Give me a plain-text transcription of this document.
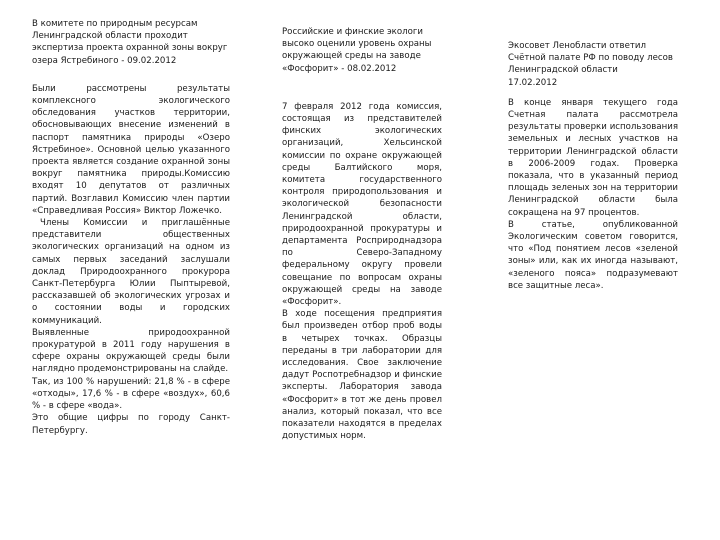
В комитете по природным ресурсам Ленинградской области проходит экспертиза проекта охранной зоны вокруг озера Ястребиного - 09.02.2012

Были рассмотрены результаты комплексного экологического обследования участков территории, обосновывающих внесение изменений в паспорт памятника природы «Озеро Ястребиное». Основной целью указанного проекта является создание охранной зоны вокруг памятника природы.Комиссию входят 10 депутатов от различных партий. Возглавил Комиссию член партии «Справедливая Россия» Виктор Ложечко.

Члены Комиссии и приглашённые представители общественных экологических организаций на одном из самых первых заседаний заслушали доклад Природоохранного прокурора Санкт-Петербурга Юлии Пыптыревой, рассказавшей об экологических угрозах и о состоянии воды и городских коммуникаций.

Выявленные природоохранной прокуратурой в 2011 году нарушения в сфере охраны окружающей среды были наглядно продемонстрированы на слайде.

Так, из 100 % нарушений: 21,8 % - в сфере «отходы», 17,6 % - в сфере «воздух», 60,6 % - в сфере «вода».

Это общие цифры по городу Санкт-Петербургу.

Российские и финские экологи высоко оценили уровень охраны окружающей среды на заводе «Фосфорит» - 08.02.2012

7 февраля 2012 года комиссия, состоящая из представителей финских экологических организаций, Хельсинской комиссии по охране окружающей среды Балтийского моря, комитета государственного контроля природопользования и экологической безопасности Ленинградской области, природоохранной прокуратуры и департамента Росприроднадзора по Северо-Западному федеральному округу провели совещание по вопросам охраны окружающей среды на заводе «Фосфорит».

В ходе посещения предприятия был произведен отбор проб воды в четырех точках. Образцы переданы в три лаборатории для исследования. Свое заключение дадут Роспотребнадзор и финские эксперты. Лаборатория завода «Фосфорит» в тот же день провел анализ, который показал, что все показатели находятся в пределах допустимых норм.

Экосовет Ленобласти ответил Счётной палате РФ по поводу лесов Ленинградской области
17.02.2012

В конце января текущего года Счетная палата рассмотрела результаты проверки использования земельных и лесных участков на территории Ленинградской области в 2006-2009 годах. Проверка показала, что в указанный период площадь зеленых зон на территории Ленинградской области была сокращена на 97 процентов.

В статье, опубликованной Экологическим советом говорится, что «Под понятием лесов «зеленой зоны» или, как их иногда называют, «зеленого пояса» подразумевают все защитные леса».
